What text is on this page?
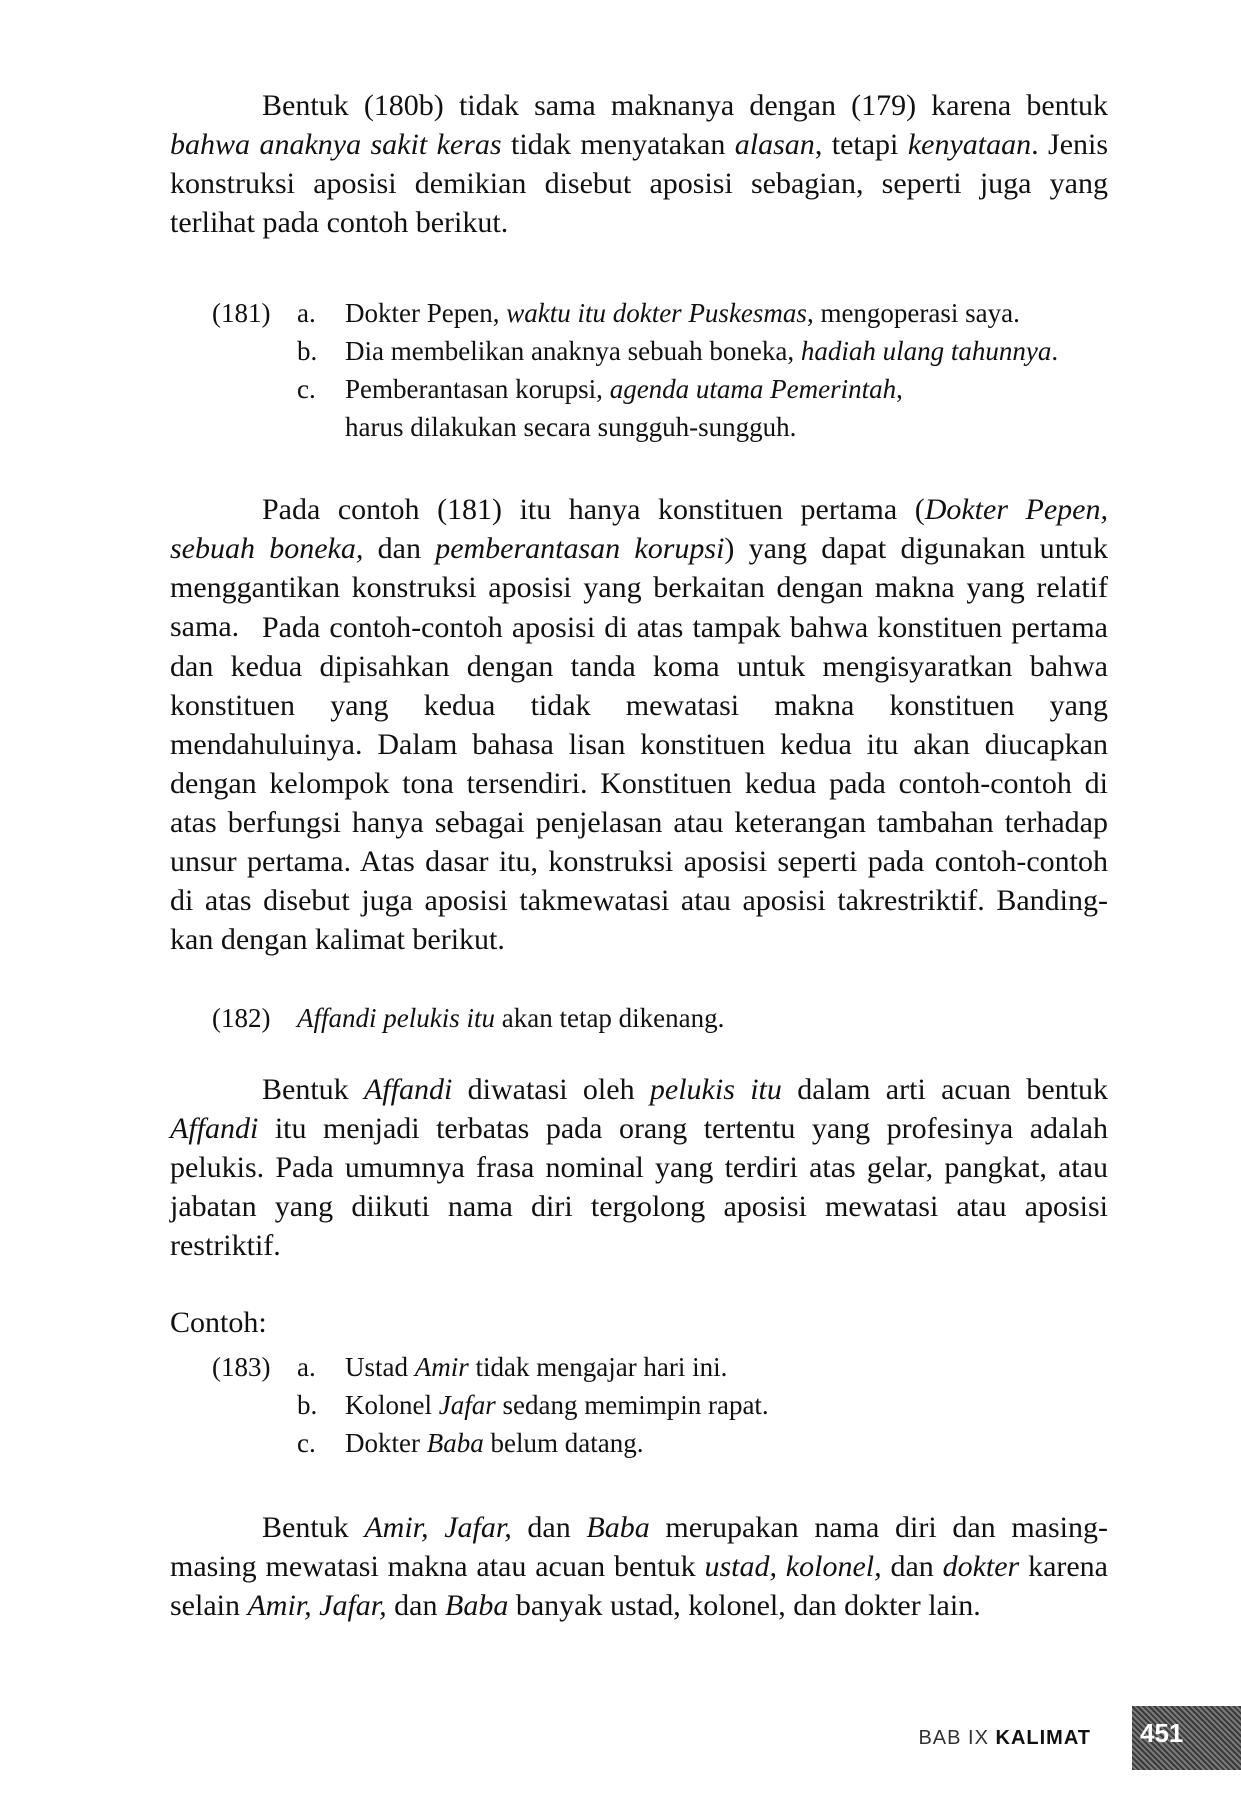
Bentuk (180b) tidak sama maknanya dengan (179) karena bentuk bahwa anaknya sakit keras tidak menyatakan alasan, tetapi kenyataan. Jenis konstruksi aposisi demikian disebut aposisi sebagian, seperti juga yang terlihat pada contoh berikut.

(181) a. Dokter Pepen, waktu itu dokter Puskesmas, mengoperasi saya.
b. Dia membelikan anaknya sebuah boneka, hadiah ulang tahunnya.
c. Pemberantasan korupsi, agenda utama Pemerintah, harus dilakukan secara sungguh-sungguh.

Pada contoh (181) itu hanya konstituen pertama (Dokter Pepen, sebuah boneka, dan pemberantasan korupsi) yang dapat digunakan untuk menggantikan konstruksi aposisi yang berkaitan dengan makna yang relatif sama. Pada contoh-contoh aposisi di atas tampak bahwa konstituen pertama dan kedua dipisahkan dengan tanda koma untuk mengisyaratkan bahwa konstituen yang kedua tidak mewatasi makna konstituen yang mendahuluinya. Dalam bahasa lisan konstituen kedua itu akan diucapkan dengan kelompok tona tersendiri. Konstituen kedua pada contoh-contoh di atas berfungsi hanya sebagai penjelasan atau keterangan tambahan terhadap unsur pertama. Atas dasar itu, konstruksi aposisi seperti pada contoh-contoh di atas disebut juga aposisi takmewatasi atau aposisi takrestriktif. Banding-kan dengan kalimat berikut.

(182) Affandi pelukis itu akan tetap dikenang.

Bentuk Affandi diwatasi oleh pelukis itu dalam arti acuan bentuk Affandi itu menjadi terbatas pada orang tertentu yang profesinya adalah pelukis. Pada umumnya frasa nominal yang terdiri atas gelar, pangkat, atau jabatan yang diikuti nama diri tergolong aposisi mewatasi atau aposisi restriktif.

Contoh:
(183) a. Ustad Amir tidak mengajar hari ini.
b. Kolonel Jafar sedang memimpin rapat.
c. Dokter Baba belum datang.

Bentuk Amir, Jafar, dan Baba merupakan nama diri dan masing-masing mewatasi makna atau acuan bentuk ustad, kolonel, dan dokter karena selain Amir, Jafar, dan Baba banyak ustad, kolonel, dan dokter lain.

BAB IX KALIMAT 451
